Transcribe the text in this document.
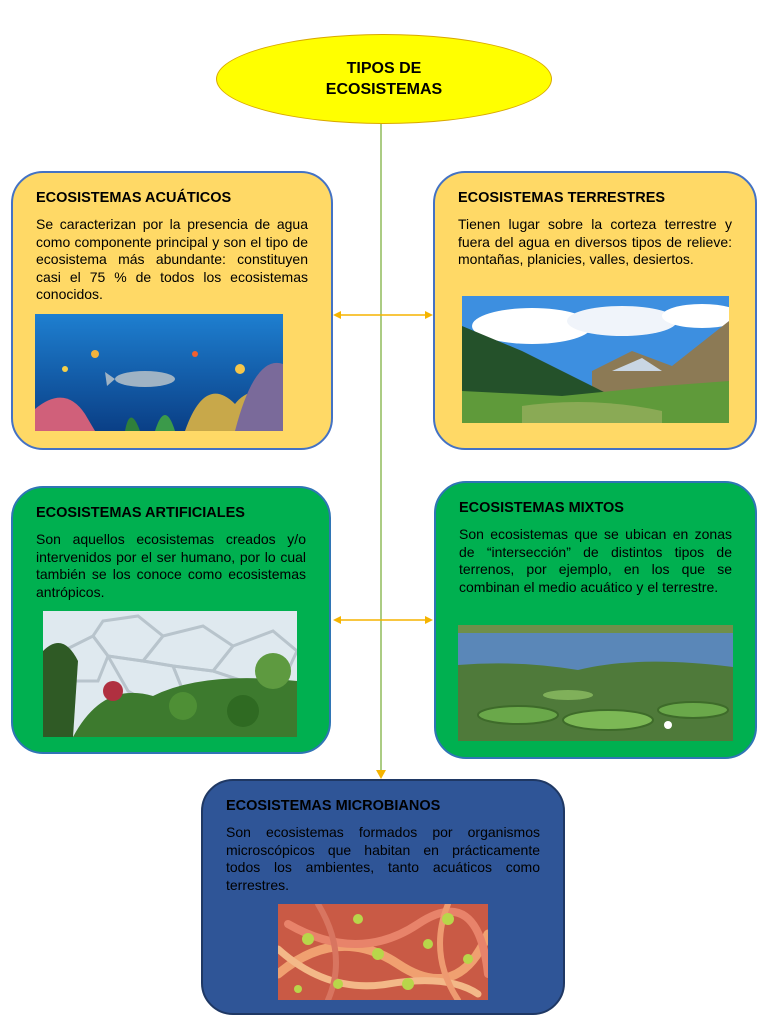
TIPOS DE ECOSISTEMAS

ECOSISTEMAS ACUÁTICOS

Se caracterizan por la presencia de agua como componente principal y son el tipo de ecosistema más abundante: constituyen casi el 75 % de todos los ecosistemas conocidos.

ECOSISTEMAS TERRESTRES

Tienen lugar sobre la corteza terrestre y fuera del agua en diversos tipos de relieve: montañas, planicies, valles, desiertos.

ECOSISTEMAS ARTIFICIALES

Son aquellos ecosistemas creados y/o intervenidos por el ser humano, por lo cual también se los conoce como ecosistemas antrópicos.

ECOSISTEMAS MIXTOS

Son ecosistemas que se ubican en zonas de “intersección” de distintos tipos de terrenos, por ejemplo, en los que se combinan el medio acuático y el terrestre.

ECOSISTEMAS MICROBIANOS

Son ecosistemas formados por organismos microscópicos que habitan en prácticamente todos los ambientes, tanto acuáticos como terrestres.
